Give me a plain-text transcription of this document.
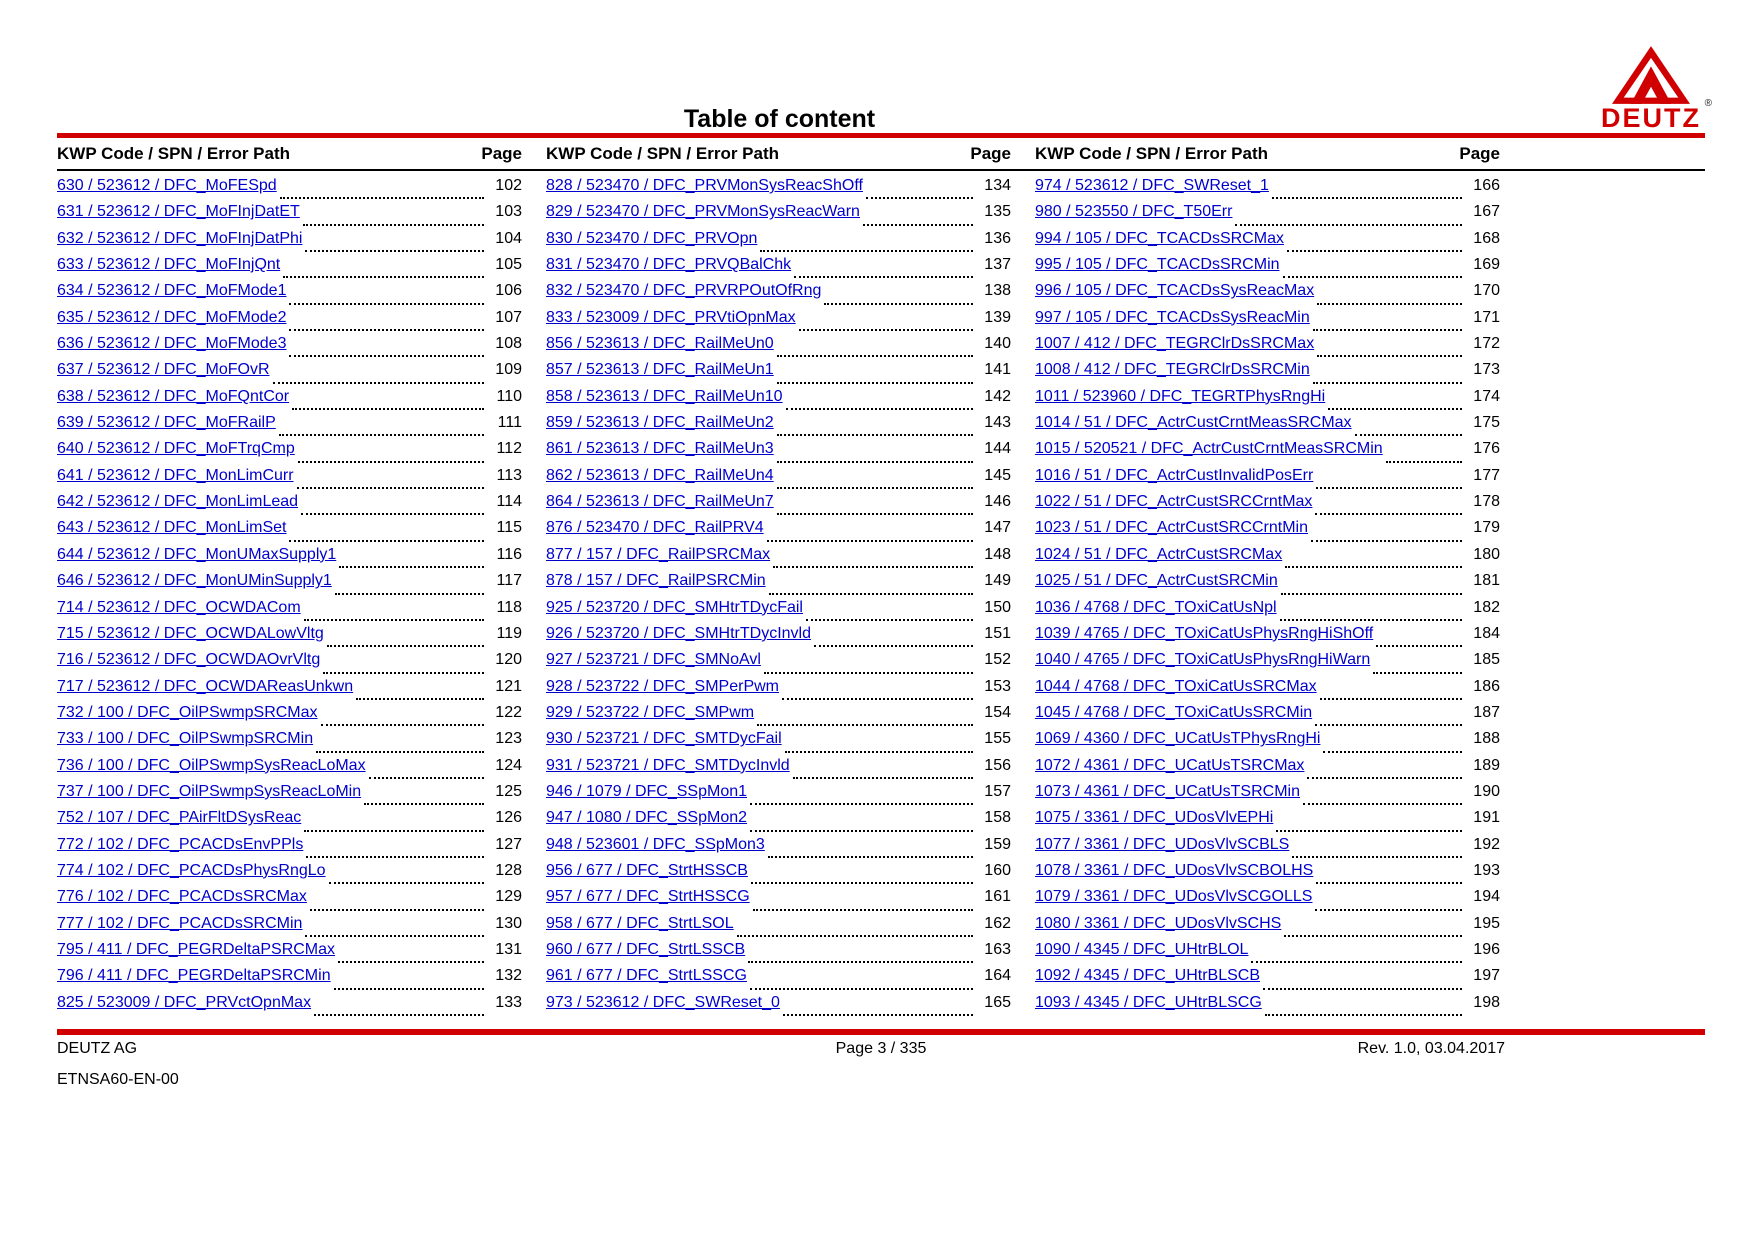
DEUTZ ®
Table of content
KWP Code / SPN / Error Path	Page KWP Code / SPN / Error Path	Page KWP Code / SPN / Error Path	Page
630 / 523612 / DFC_MoFESpd	102
631 / 523612 / DFC_MoFInjDatET	103
632 / 523612 / DFC_MoFInjDatPhi	104
633 / 523612 / DFC_MoFInjQnt	105
634 / 523612 / DFC_MoFMode1	106
635 / 523612 / DFC_MoFMode2	107
636 / 523612 / DFC_MoFMode3	108
637 / 523612 / DFC_MoFOvR	109
638 / 523612 / DFC_MoFQntCor	110
639 / 523612 / DFC_MoFRailP	111
640 / 523612 / DFC_MoFTrqCmp	112
641 / 523612 / DFC_MonLimCurr	113
642 / 523612 / DFC_MonLimLead	114
643 / 523612 / DFC_MonLimSet	115
644 / 523612 / DFC_MonUMaxSupply1	116
646 / 523612 / DFC_MonUMinSupply1	117
714 / 523612 / DFC_OCWDACom	118
715 / 523612 / DFC_OCWDALowVltg	119
716 / 523612 / DFC_OCWDAOvrVltg	120
717 / 523612 / DFC_OCWDAReasUnkwn	121
732 / 100 / DFC_OilPSwmpSRCMax	122
733 / 100 / DFC_OilPSwmpSRCMin	123
736 / 100 / DFC_OilPSwmpSysReacLoMax	124
737 / 100 / DFC_OilPSwmpSysReacLoMin	125
752 / 107 / DFC_PAirFltDSysReac	126
772 / 102 / DFC_PCACDsEnvPPls	127
774 / 102 / DFC_PCACDsPhysRngLo	128
776 / 102 / DFC_PCACDsSRCMax	129
777 / 102 / DFC_PCACDsSRCMin	130
795 / 411 / DFC_PEGRDeltaPSRCMax	131
796 / 411 / DFC_PEGRDeltaPSRCMin	132
825 / 523009 / DFC_PRVctOpnMax	133
828 / 523470 / DFC_PRVMonSysReacShOff	134
829 / 523470 / DFC_PRVMonSysReacWarn	135
830 / 523470 / DFC_PRVOpn	136
831 / 523470 / DFC_PRVQBalChk	137
832 / 523470 / DFC_PRVRPOutOfRng	138
833 / 523009 / DFC_PRVtiOpnMax	139
856 / 523613 / DFC_RailMeUn0	140
857 / 523613 / DFC_RailMeUn1	141
858 / 523613 / DFC_RailMeUn10	142
859 / 523613 / DFC_RailMeUn2	143
861 / 523613 / DFC_RailMeUn3	144
862 / 523613 / DFC_RailMeUn4	145
864 / 523613 / DFC_RailMeUn7	146
876 / 523470 / DFC_RailPRV4	147
877 / 157 / DFC_RailPSRCMax	148
878 / 157 / DFC_RailPSRCMin	149
925 / 523720 / DFC_SMHtrTDycFail	150
926 / 523720 / DFC_SMHtrTDycInvld	151
927 / 523721 / DFC_SMNoAvl	152
928 / 523722 / DFC_SMPerPwm	153
929 / 523722 / DFC_SMPwm	154
930 / 523721 / DFC_SMTDycFail	155
931 / 523721 / DFC_SMTDycInvld	156
946 / 1079 / DFC_SSpMon1	157
947 / 1080 / DFC_SSpMon2	158
948 / 523601 / DFC_SSpMon3	159
956 / 677 / DFC_StrtHSSCB	160
957 / 677 / DFC_StrtHSSCG	161
958 / 677 / DFC_StrtLSOL	162
960 / 677 / DFC_StrtLSSCB	163
961 / 677 / DFC_StrtLSSCG	164
973 / 523612 / DFC_SWReset_0	165
974 / 523612 / DFC_SWReset_1	166
980 / 523550 / DFC_T50Err	167
994 / 105 / DFC_TCACDsSRCMax	168
995 / 105 / DFC_TCACDsSRCMin	169
996 / 105 / DFC_TCACDsSysReacMax	170
997 / 105 / DFC_TCACDsSysReacMin	171
1007 / 412 / DFC_TEGRClrDsSRCMax	172
1008 / 412 / DFC_TEGRClrDsSRCMin	173
1011 / 523960 / DFC_TEGRTPhysRngHi	174
1014 / 51 / DFC_ActrCustCrntMeasSRCMax	175
1015 / 520521 / DFC_ActrCustCrntMeasSRCMin	176
1016 / 51 / DFC_ActrCustInvalidPosErr	177
1022 / 51 / DFC_ActrCustSRCCrntMax	178
1023 / 51 / DFC_ActrCustSRCCrntMin	179
1024 / 51 / DFC_ActrCustSRCMax	180
1025 / 51 / DFC_ActrCustSRCMin	181
1036 / 4768 / DFC_TOxiCatUsNpl	182
1039 / 4765 / DFC_TOxiCatUsPhysRngHiShOff	184
1040 / 4765 / DFC_TOxiCatUsPhysRngHiWarn	185
1044 / 4768 / DFC_TOxiCatUsSRCMax	186
1045 / 4768 / DFC_TOxiCatUsSRCMin	187
1069 / 4360 / DFC_UCatUsTPhysRngHi	188
1072 / 4361 / DFC_UCatUsTSRCMax	189
1073 / 4361 / DFC_UCatUsTSRCMin	190
1075 / 3361 / DFC_UDosVlvEPHi	191
1077 / 3361 / DFC_UDosVlvSCBLS	192
1078 / 3361 / DFC_UDosVlvSCBOLHS	193
1079 / 3361 / DFC_UDosVlvSCGOLLS	194
1080 / 3361 / DFC_UDosVlvSCHS	195
1090 / 4345 / DFC_UHtrBLOL	196
1092 / 4345 / DFC_UHtrBLSCB	197
1093 / 4345 / DFC_UHtrBLSCG	198
DEUTZ AG	Page 3 / 335	Rev. 1.0, 03.04.2017
ETNSA60-EN-00
